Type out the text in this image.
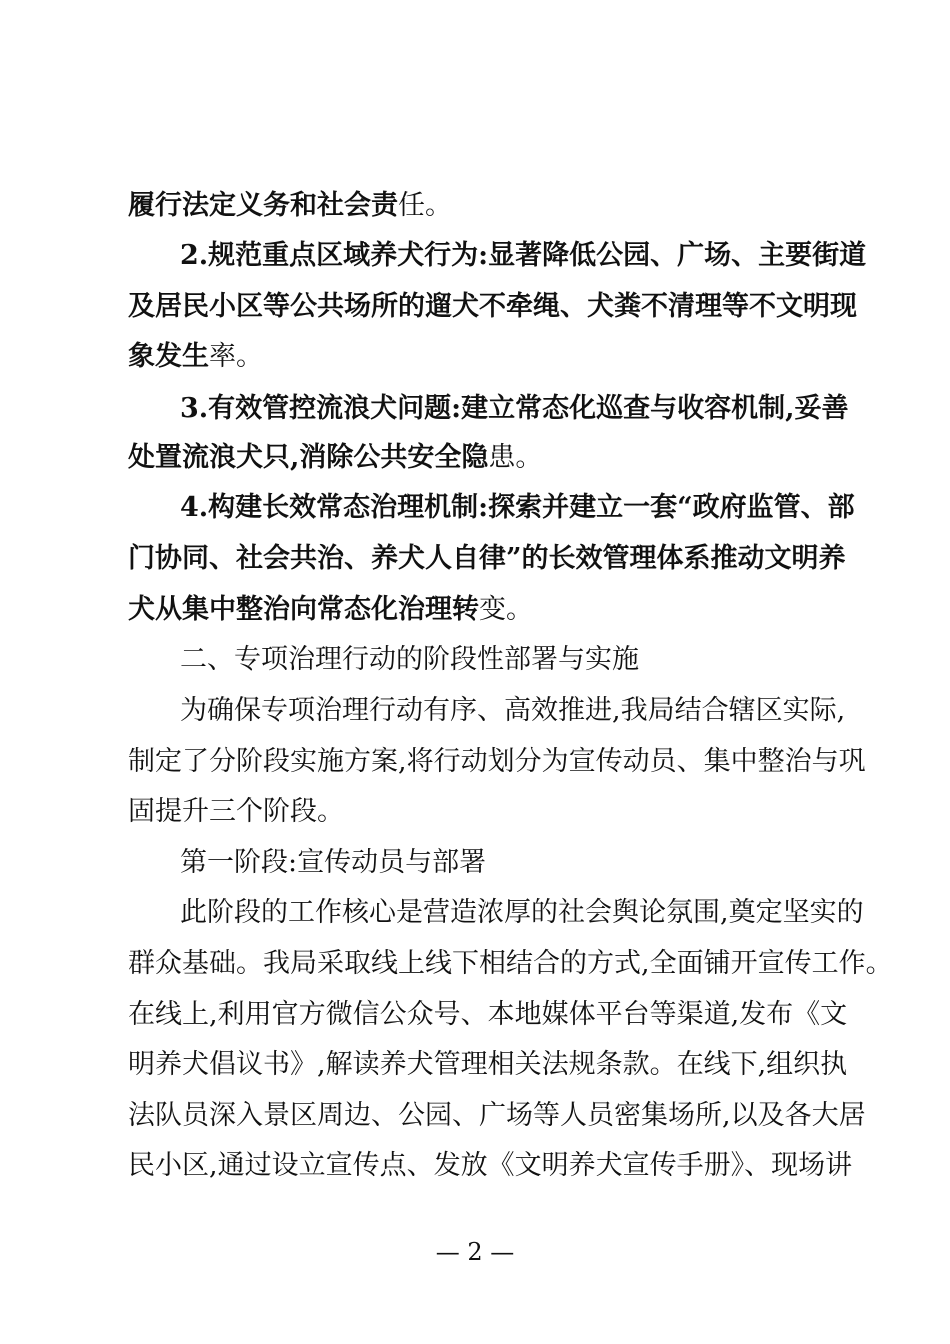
履行法定义务和社会责任。
2.规范重点区域养犬行为:显著降低公园、广场、主要街道
及居民小区等公共场所的遛犬不牵绳、犬粪不清理等不文明现
象发生率。
3.有效管控流浪犬问题:建立常态化巡查与收容机制,妥善
处置流浪犬只,消除公共安全隐患。
4.构建长效常态治理机制:探索并建立一套“政府监管、部
门协同、社会共治、养犬人自律”的长效管理体系推动文明养
犬从集中整治向常态化治理转变。
二、专项治理行动的阶段性部署与实施
为确保专项治理行动有序、高效推进,我局结合辖区实际,
制定了分阶段实施方案,将行动划分为宣传动员、集中整治与巩
固提升三个阶段。
第一阶段:宣传动员与部署
此阶段的工作核心是营造浓厚的社会舆论氛围,奠定坚实的
群众基础。我局采取线上线下相结合的方式,全面铺开宣传工作。
在线上,利用官方微信公众号、本地媒体平台等渠道,发布《文
明养犬倡议书》,解读养犬管理相关法规条款。在线下,组织执
法队员深入景区周边、公园、广场等人员密集场所,以及各大居
民小区,通过设立宣传点、发放《文明养犬宣传手册》、现场讲
— 2 —
